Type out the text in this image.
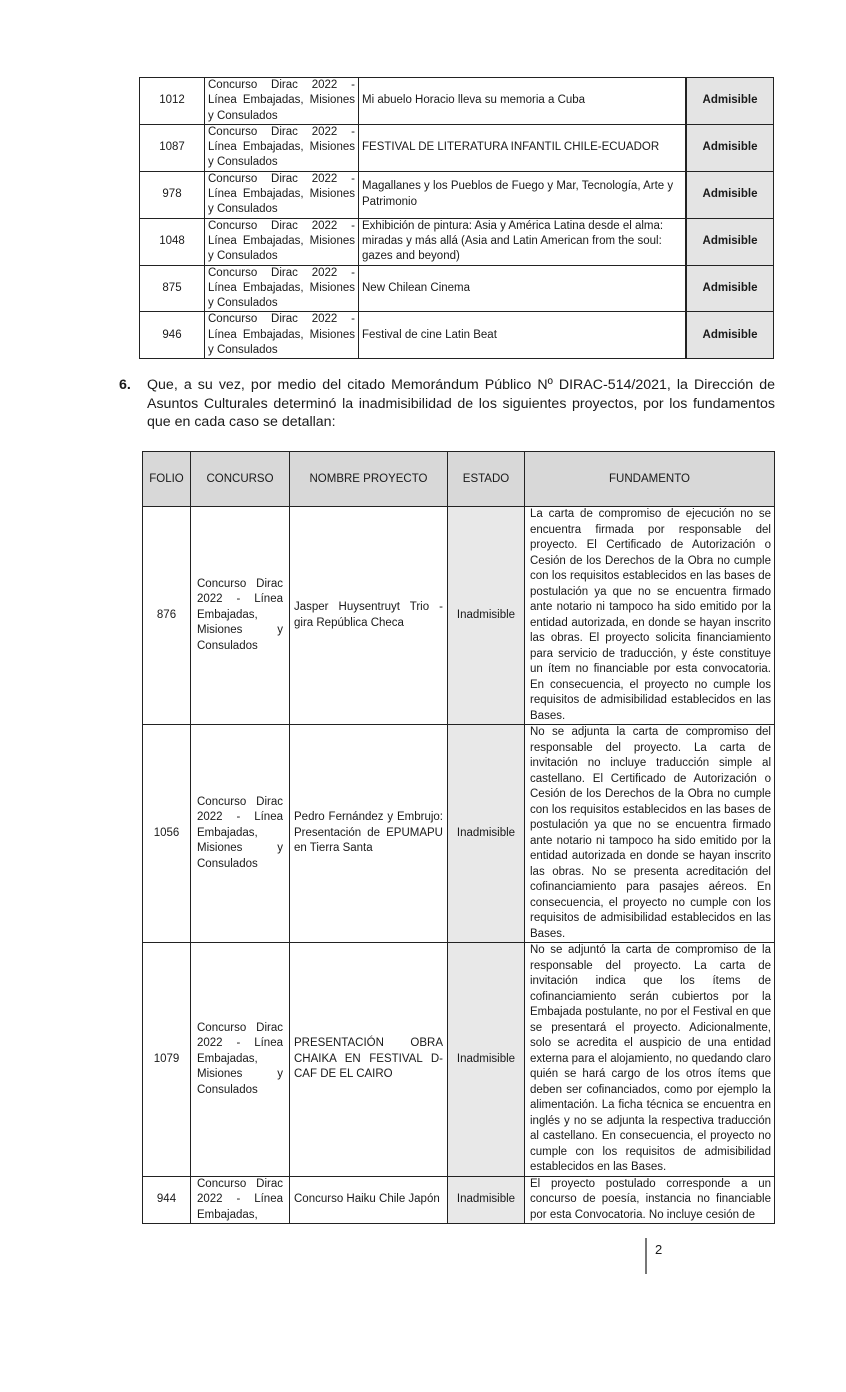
1012	Concurso Dirac 2022 - Línea Embajadas, Misiones y Consulados	Mi abuelo Horacio lleva su memoria a Cuba		Admisible
1087	Concurso Dirac 2022 - Línea Embajadas, Misiones y Consulados	FESTIVAL DE LITERATURA INFANTIL CHILE-ECUADOR		Admisible
978	Concurso Dirac 2022 - Línea Embajadas, Misiones y Consulados	Magallanes y los Pueblos de Fuego y Mar, Tecnología, Arte y Patrimonio		Admisible
1048	Concurso Dirac 2022 - Línea Embajadas, Misiones y Consulados	Exhibición de pintura: Asia y América Latina desde el alma: miradas y más allá (Asia and Latin American from the soul: gazes and beyond)		Admisible
875	Concurso Dirac 2022 - Línea Embajadas, Misiones y Consulados	New Chilean Cinema		Admisible
946	Concurso Dirac 2022 - Línea Embajadas, Misiones y Consulados	Festival de cine Latin Beat		Admisible
6. Que, a su vez, por medio del citado Memorándum Público Nº DIRAC-514/2021, la Dirección de Asuntos Culturales determinó la inadmisibilidad de los siguientes proyectos, por los fundamentos que en cada caso se detallan:
FOLIO	CONCURSO	NOMBRE PROYECTO	ESTADO	FUNDAMENTO
876	Concurso Dirac 2022 - Línea Embajadas, Misiones y Consulados	Jasper Huysentruyt Trio - gira República Checa	Inadmisible	La carta de compromiso de ejecución no se encuentra firmada por responsable del proyecto. El Certificado de Autorización o Cesión de los Derechos de la Obra no cumple con los requisitos establecidos en las bases de postulación ya que no se encuentra firmado ante notario ni tampoco ha sido emitido por la entidad autorizada, en donde se hayan inscrito las obras. El proyecto solicita financiamiento para servicio de traducción, y éste constituye un ítem no financiable por esta convocatoria. En consecuencia, el proyecto no cumple los requisitos de admisibilidad establecidos en las Bases.
1056	Concurso Dirac 2022 - Línea Embajadas, Misiones y Consulados	Pedro Fernández y Embrujo: Presentación de EPUMAPU en Tierra Santa	Inadmisible	No se adjunta la carta de compromiso del responsable del proyecto. La carta de invitación no incluye traducción simple al castellano. El Certificado de Autorización o Cesión de los Derechos de la Obra no cumple con los requisitos establecidos en las bases de postulación ya que no se encuentra firmado ante notario ni tampoco ha sido emitido por la entidad autorizada en donde se hayan inscrito las obras. No se presenta acreditación del cofinanciamiento para pasajes aéreos. En consecuencia, el proyecto no cumple con los requisitos de admisibilidad establecidos en las Bases.
1079	Concurso Dirac 2022 - Línea Embajadas, Misiones y Consulados	PRESENTACIÓN OBRA CHAIKA EN FESTIVAL D-CAF DE EL CAIRO	Inadmisible	No se adjuntó la carta de compromiso de la responsable del proyecto. La carta de invitación indica que los ítems de cofinanciamiento serán cubiertos por la Embajada postulante, no por el Festival en que se presentará el proyecto. Adicionalmente, solo se acredita el auspicio de una entidad externa para el alojamiento, no quedando claro quién se hará cargo de los otros ítems que deben ser cofinanciados, como por ejemplo la alimentación. La ficha técnica se encuentra en inglés y no se adjunta la respectiva traducción al castellano. En consecuencia, el proyecto no cumple con los requisitos de admisibilidad establecidos en las Bases.
944	Concurso Dirac 2022 - Línea Embajadas,	Concurso Haiku Chile Japón	Inadmisible	El proyecto postulado corresponde a un concurso de poesía, instancia no financiable por esta Convocatoria. No incluye cesión de
2
